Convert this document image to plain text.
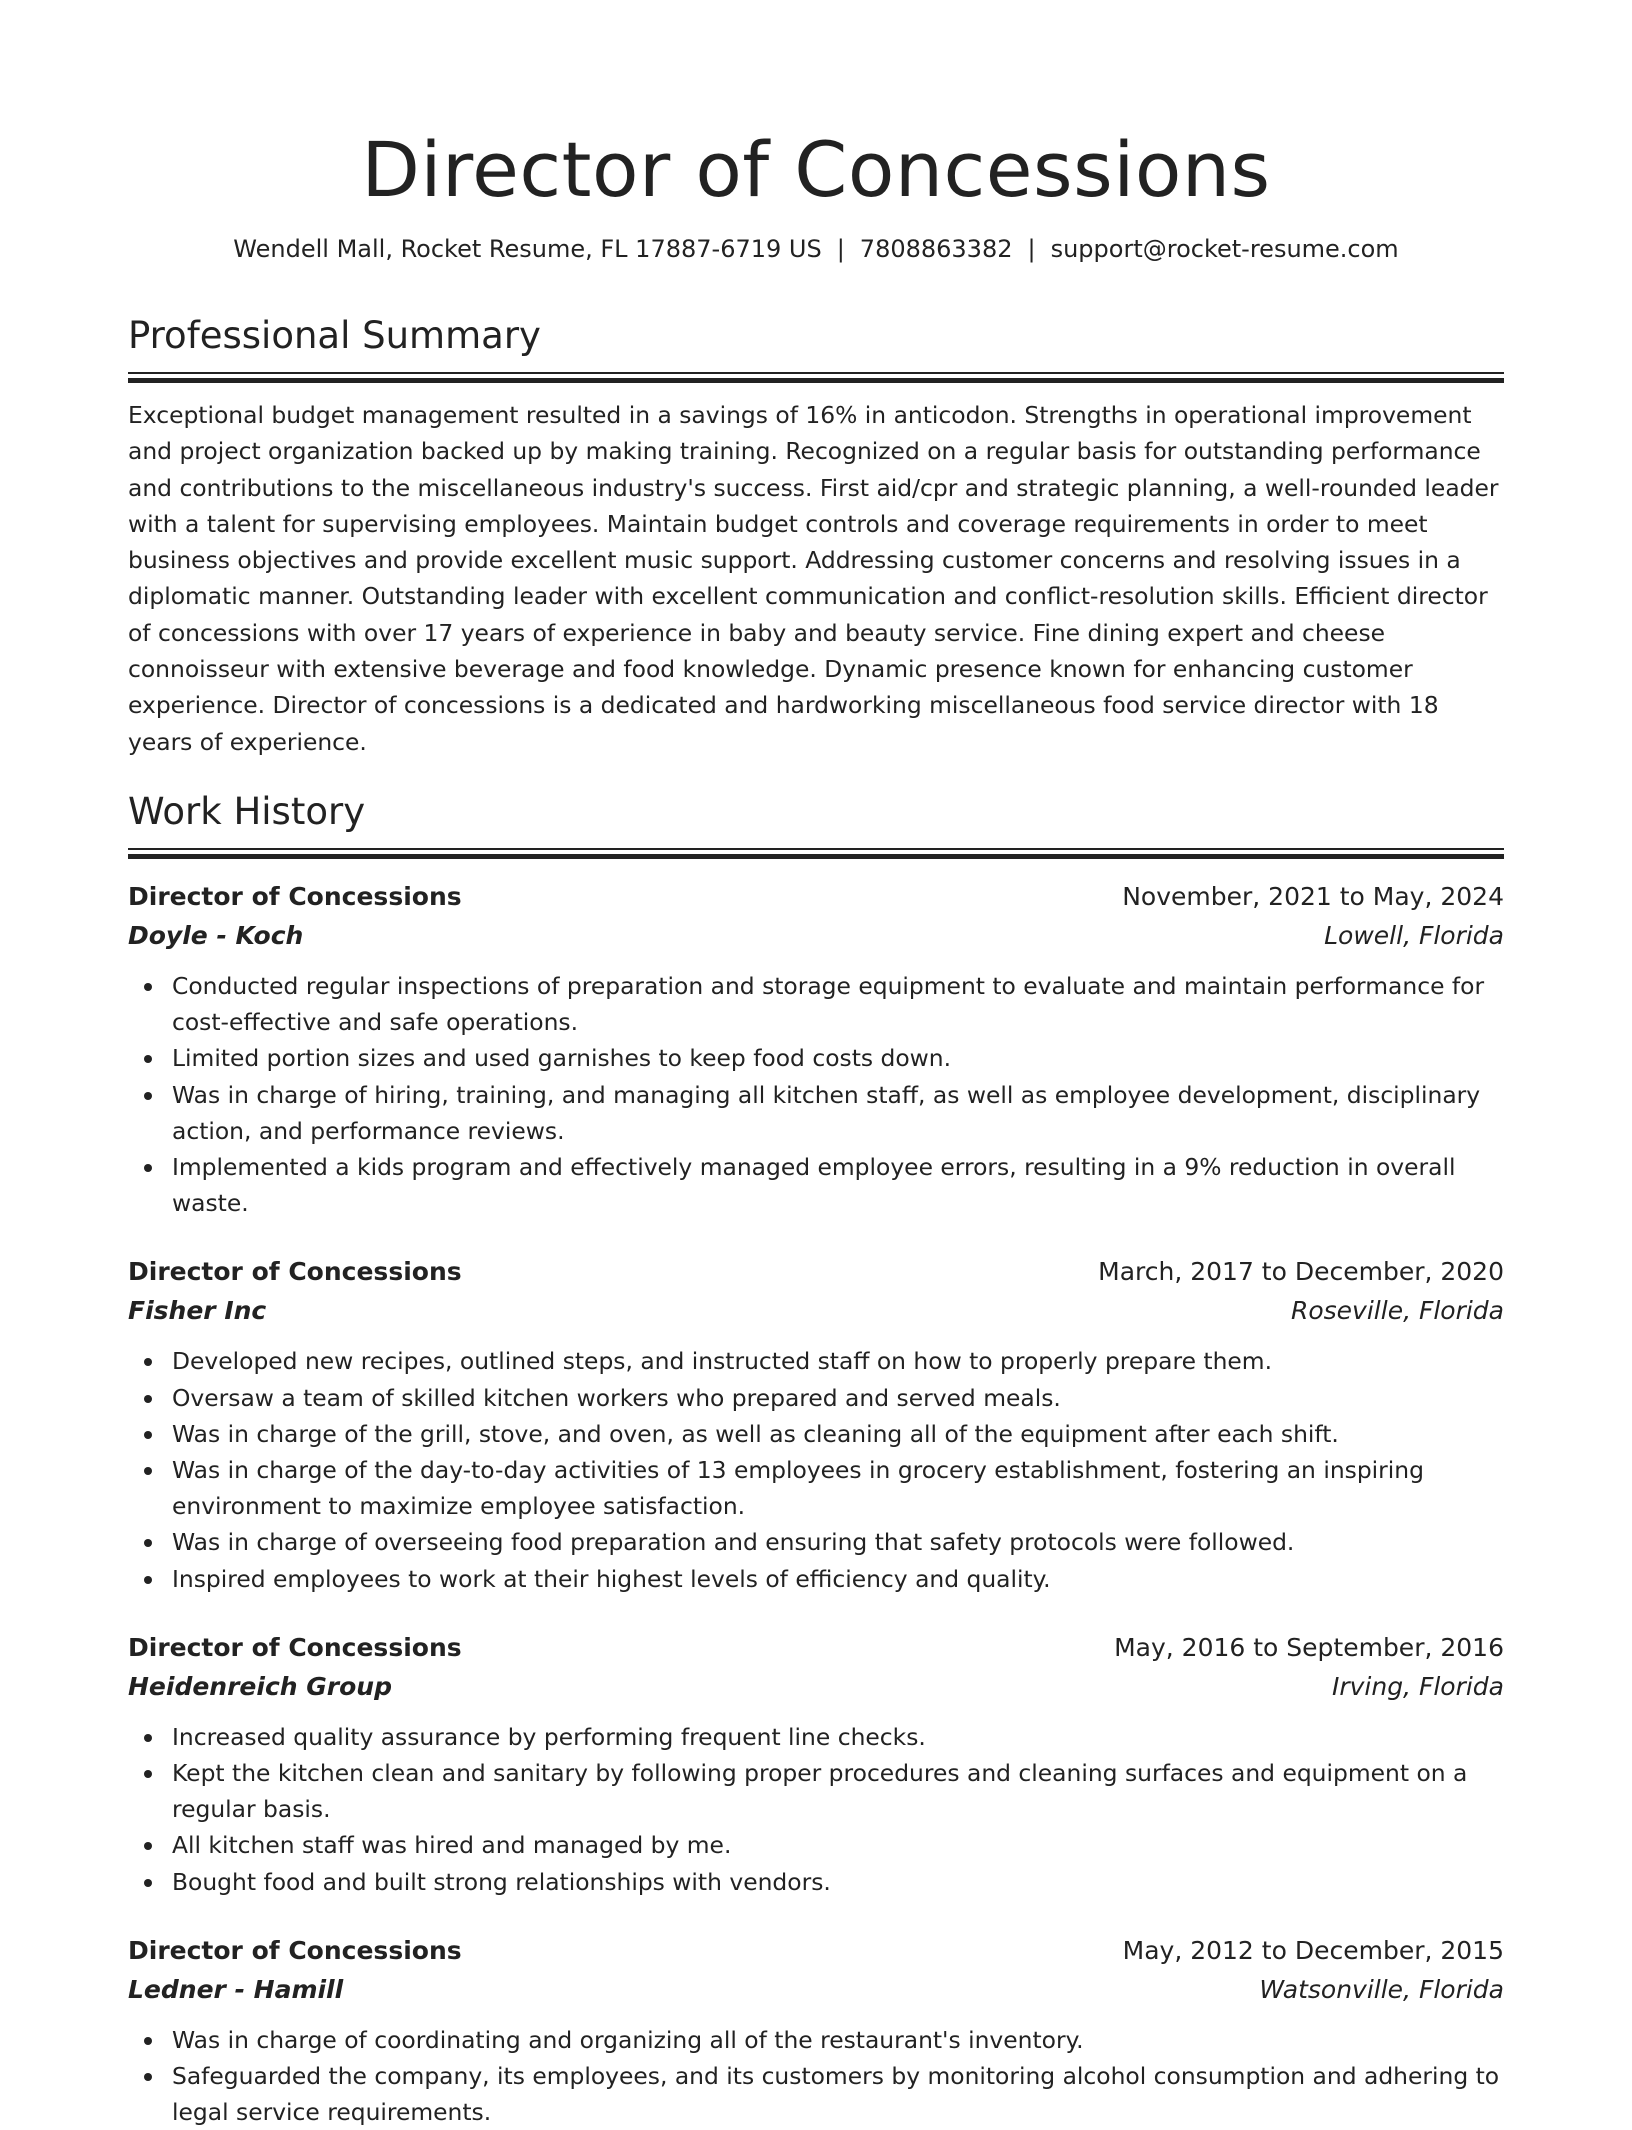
Director of Concessions
Wendell Mall, Rocket Resume, FL 17887-6719 US | 7808863382 | support@rocket-resume.com
Professional Summary
Exceptional budget management resulted in a savings of 16% in anticodon. Strengths in operational improvement and project organization backed up by making training. Recognized on a regular basis for outstanding performance and contributions to the miscellaneous industry's success. First aid/cpr and strategic planning, a well-rounded leader with a talent for supervising employees. Maintain budget controls and coverage requirements in order to meet business objectives and provide excellent music support. Addressing customer concerns and resolving issues in a diplomatic manner. Outstanding leader with excellent communication and conflict-resolution skills. Efficient director of concessions with over 17 years of experience in baby and beauty service. Fine dining expert and cheese connoisseur with extensive beverage and food knowledge. Dynamic presence known for enhancing customer experience. Director of concessions is a dedicated and hardworking miscellaneous food service director with 18 years of experience.
Work History
Director of Concessions	November, 2021 to May, 2024
Doyle - Koch	Lowell, Florida
Conducted regular inspections of preparation and storage equipment to evaluate and maintain performance for cost-effective and safe operations.
Limited portion sizes and used garnishes to keep food costs down.
Was in charge of hiring, training, and managing all kitchen staff, as well as employee development, disciplinary action, and performance reviews.
Implemented a kids program and effectively managed employee errors, resulting in a 9% reduction in overall waste.
Director of Concessions	March, 2017 to December, 2020
Fisher Inc	Roseville, Florida
Developed new recipes, outlined steps, and instructed staff on how to properly prepare them.
Oversaw a team of skilled kitchen workers who prepared and served meals.
Was in charge of the grill, stove, and oven, as well as cleaning all of the equipment after each shift.
Was in charge of the day-to-day activities of 13 employees in grocery establishment, fostering an inspiring environment to maximize employee satisfaction.
Was in charge of overseeing food preparation and ensuring that safety protocols were followed.
Inspired employees to work at their highest levels of efficiency and quality.
Director of Concessions	May, 2016 to September, 2016
Heidenreich Group	Irving, Florida
Increased quality assurance by performing frequent line checks.
Kept the kitchen clean and sanitary by following proper procedures and cleaning surfaces and equipment on a regular basis.
All kitchen staff was hired and managed by me.
Bought food and built strong relationships with vendors.
Director of Concessions	May, 2012 to December, 2015
Ledner - Hamill	Watsonville, Florida
Was in charge of coordinating and organizing all of the restaurant's inventory.
Safeguarded the company, its employees, and its customers by monitoring alcohol consumption and adhering to legal service requirements.
